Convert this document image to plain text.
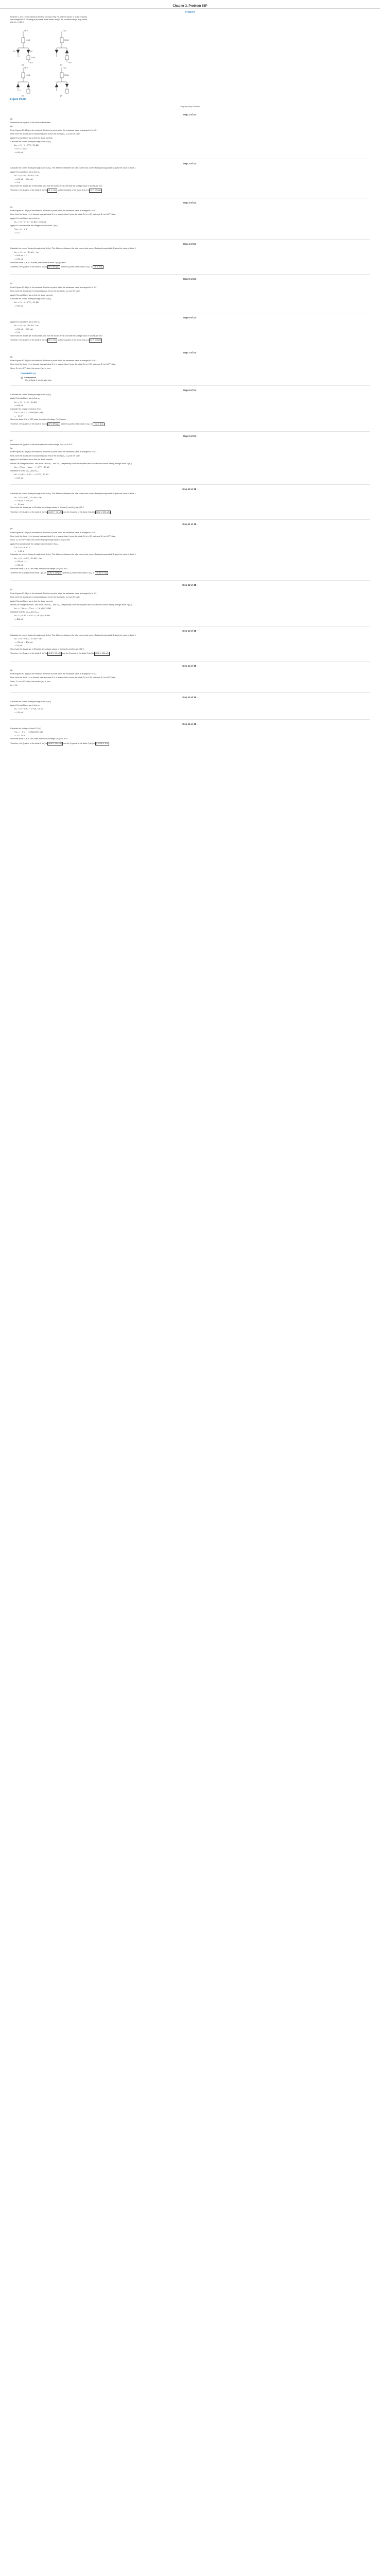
Chapter 3, Problem 58P
Problem
Find the V₁ and I for the diodes in the four circuits in Fig. P3.58 if the values of all the resistors are changed to 10 kΩ using (a) the ideal diode model and (b) the constant voltage drop model with Vᴅ = 0.82 V.
+6 V
10 kΩ
10 kΩ
−6 V
D1	D2
(a)
+6 V
10 kΩ
−6 V
(b)
+6 V
10 kΩ
(c)
+6 V
10 kΩ
(d)
I
V
Figure P3.58
Step-by-step solution
Step 1 of 18 ›
(a)
Determine the Iᴅ points of the diode in ideal state.
(a)
Refer Figures P3.58 (a) in the textbook. Find the Iᴅ points when the resistance value is changed to 10 kΩ.
Here, both the diodes are in forward bias and hence the diodes (D₁, D₂) are ON state.
Apply KVL and Ohm's law to find the diode currents.
Calculate the current flowing through diode 1 (Iᴅ₂).
Iᴅ₂ = (0 − (−6 V)) / 10 kΩ
= 6 V / 10 kΩ
= 600 μA
Step 2 of 18 ›
Calculate the current flowing through diode 1 (Iᴅ₁). The difference between the total current and current flowing through diode 2 gives the value of diode 1.
Apply KVL and Ohm's law to find Iᴅ₁.
Iᴅ₁ = (6 − 0) / 10 kΩ − Iᴅ₂
= 600 μA − 600 μA
= 0 A
Since both the diodes are in ideal state, and both the diodes are in ON state the voltage value of diodes are zero.
Therefore, the Q-points of the diode 1 (Iᴅ₁) is (0 V, 0 A) and the Q-points of the diode 2 (Iᴅ₂) is (0 V, 600 μA) .
Step 3 of 18 ›
(b)
Refer Figures P3.58 (b) in the textbook. Find the Iᴅ points when the resistance value is changed to 10 kΩ.
Here, both the diode 1 is in forward bias and diode 2 is in reverse bias. Hence, the diode D₁ is in ON state and D₂ is in OFF state.
Apply KVL and Ohm's law to find Iᴅ₁.
Iᴅ₁ = (6 − (−6)) / 20 kΩ = 600 μA
Apply KVL and calculate the voltage value of diode 2 (Vᴅ₂).
Vᴅ₂ = 6 − 6 V
= 0 V
Step 4 of 18 ›
Calculate the current flowing through diode 1 (Iᴅ₁). The difference between the total current and current flowing through diode 2 gives the value of diode 1.
Iᴅ₁ = (6 − 0) / 10 kΩ − Iᴅ₂
= 600 μA − 0
= 600 μA
Since the diode D₂ is in ON state, the current of diode 2 (Iᴅ₂) is zero.
Therefore, the Q-points of the diode 1 (Iᴅ₁) is (0 V, 600 μA) and the Q-points of the diode 2 (Iᴅ₂) is (−6 V, 0 A) .
Step 5 of 18 ›
(c)
Refer Figures P3.58 (c) in the textbook. Find the Iᴅ points when the resistance value is changed to 10 kΩ.
Here, both the diodes are in forward bias and hence the diodes (D₁, D₂) are ON state.
Apply KVL and Ohm's law to find the diode currents.
Calculate the current flowing through diode 2 (Iᴅ₂).
Iᴅ₂ = (0 − (−6 V)) / 10 kΩ
= 600 μA
Step 6 of 18 ›
Apply KVL and Ohm's law to find Iᴅ₁.
Iᴅ₁ = (6 − 0) / 10 kΩ − Iᴅ₂
= 600 μA − 600 μA
= 0 A
Since both the diodes are in ideal state, and both the diodes are in ON state the voltage value of diodes are zero.
Therefore, the Q-points of the diode 1 (Iᴅ₁) is (0 V, 0 A) and the Q-points of the diode 2 (Iᴅ₂) is (0 V, 600 μA) .
Step 7 of 18 ›
(d)
Refer Figures P3.58 (d) in the textbook. Find the Iᴅ points when the resistance value is changed to 10 kΩ.
Here, both the diode 1 is in forward bias and diode 2 is in reverse bias. Hence, the diode D₁ is in ON state and D₂ is in OFF state.
Since, D₂ is in OFF state, the current (Iᴅ₂) is zero.
COMMENTS (1)
Anonymous
Wrong Diode 1 is in forward bias
Step 8 of 18 ›
Calculate the current flowing through diode 1 (Iᴅ₁).
Apply KVL and Ohm's law to find Iᴅ₁.
Iᴅ₁ = (6 − (−6)) / 20 kΩ
= 600 μA
Calculate the voltage of diode 2 (Vᴅ₂).
Vᴅ₂ = −6 V − (10 kΩ)(600 μA)
= −12 V
Since the diode D₂ is in OFF state, the value of voltage (Vᴅ₂) is zero.
Therefore, the Q-points of the diode 1 (Iᴅ₁) is (0 V, 600 μA) and the Q-points of the diode 2 (Iᴅ₂) is (−12 V, 0 A) .
Step 9 of 18 ›
(b)
Determine the Q-points of the diode when the diode voltage (Vᴅₒₙ) is 0.82 V.
(a)
Refer Figures P3.58 (a) in the textbook. Find the Iᴅ points when the resistance value is changed to 10 kΩ.
Here, both the diodes are in forward bias and hence the diodes (D₁, D₂) are ON state.
Apply KVL and Ohm's law to find the diode currents.
Let the ON voltage of diode 1 and diode 2 are Vᴅ₁ₒₙ and Vᴅ₂ₒₙ respectively. Write the equation and calculate the current flowing through diode 2 (Iᴅ₂).
Iᴅ₂ = (Vᴅ₁ₒₙ − Vᴅ₂ₒₙ − (−6 V)) / 10 kΩ
Substitute 0.82 for Vᴅ₁ₒₙ and Vᴅ₂ₒₙ.
Iᴅ₂ = (0.82 − 0.82 − (−6 V)) / 10 kΩ
= 600 μA
Step 10 of 18 ›
Calculate the current flowing through diode 1 (Iᴅ₁). The difference between the total current and current flowing through diode 2 gives the value of diode 1.
Iᴅ₁ = (6 − 0.82) / 10 kΩ − Iᴅ₂
= 518 μA − 600 μA
= −82 μA
Since both the diodes are in ON state, the voltage values of diodes (D₁ and D₂) are 0.82 V.
Therefore, the Q-points of the diode 1 (Iᴅ₁) is (0.82 V, −82 μA) and the Q-points of the diode 2 (Iᴅ₂) is (0.82 V, 600 μA) .
Step 11 of 18 ›
(b)
Refer Figures P3.58 (b) in the textbook. Find the Iᴅ points when the resistance value is changed to 10 kΩ.
Here, both the diode 1 is in forward bias and diode 2 is in reverse bias. Hence, the diode D₁ is in ON state and D₂ is in OFF state.
Since, D₂ is in OFF state, the current flowing through diode 2 (Iᴅ₂) is zero.
Apply KVL and calculate the voltage value of diode 2 (Vᴅ₂).
Vᴅ₂ = 6 − 6.82 V
= −0.82 V
Calculate the current flowing through diode 1 (Iᴅ₁). The difference between the total current and current flowing through diode 2 gives the value of diode 1.
Iᴅ₁ = (6 − 0.82) / 10 kΩ − Iᴅ₂
= 518 μA − 0
= 518 μA
Since the diode D₂ is in OFF state, the value of voltage (Vᴅ₂) is 0.82 V.
Therefore the Q-points of the diode 1 (Iᴅ₁) is (0.82 V, 518 μA) and the Q-points of the diode 2 (Iᴅ₂) is (−0.82 V, 0 A) .
Step 12 of 18 ›
(c)
Refer Figures P3.58 (c) in the textbook. Find the Iᴅ points when the resistance value is changed to 10 kΩ.
Here, both the diodes are in forward bias and hence the diodes (D₁, D₂) are ON state.
Apply KVL and Ohm's law to find the diode currents.
Let the ON voltage of diode 1 and diode 2 are Vᴅ₁ₒₙ and Vᴅ₂ₒₙ respectively. Write the equation and calculate the current flowing through diode 2 (Iᴅ₂).
Iᴅ₂ = (−Vᴅ₁ₒₙ − Vᴅ₂ₒₙ − (−6 V)) / 10 kΩ
Substitute 0.82 for Vᴅ₁ₒₙ and Vᴅ₂ₒₙ.
Iᴅ₂ = (−0.82 − 0.82 − (−6 V)) / 10 kΩ
= 436 μA
Step 13 of 18 ›
Calculate the current flowing through diode 1 (Iᴅ₁). The difference between the total current and current flowing through diode 2 gives the value of diode 1.
Iᴅ₁ = (6 − 0.82) / 10 kΩ − Iᴅ₂
= 518 μA − 436 μA
= 82 μA
Since both the diodes are in ON state, the voltage values of diodes (D₁ and D₂) are 0.82 V.
Therefore, the Q-points of the diode 1 (Iᴅ₁) is (0.82 V, 82 μA) and the Q-points of the diode 2 (Iᴅ₂) is (0.82 V, 436 μA) .
Step 14 of 18 ›
(d)
Refer Figures P3.58 (d) in the textbook. Find the Iᴅ points when the resistance value is changed to 10 kΩ.
Here, both the diode 1 is in forward bias and diode 2 is in reverse bias. Hence, the diode D₁ is in ON state and D₂ is in OFF state.
Since, D₂ is in OFF state, the current (Iᴅ₂) is zero.
Iᴅ₂ = 0 A
Step 15 of 18 ›
Calculate the current flowing through diode 1 (Iᴅ₁).
Apply KVL and Ohm's law to find Iᴅ₁.
Iᴅ₁ = (6 − 0.82 − (−6)) / 20 kΩ
= 559 μA
Step 16 of 18 ›
Calculate the voltage of diode 2 (Vᴅ₂).
Vᴅ₂ = −6 V − (10 kΩ)(559 μA)
= −11.59 V
Since the diode D₂ is in OFF state, the value of voltage (Vᴅ₂) is 0.82 V.
Therefore, the Q-points of the diode 1 (Iᴅ₁) is (0.82 V, 559 μA) and the Q-points of the diode 2 (Iᴅ₂) is (−11.59 V, 0 A) .
